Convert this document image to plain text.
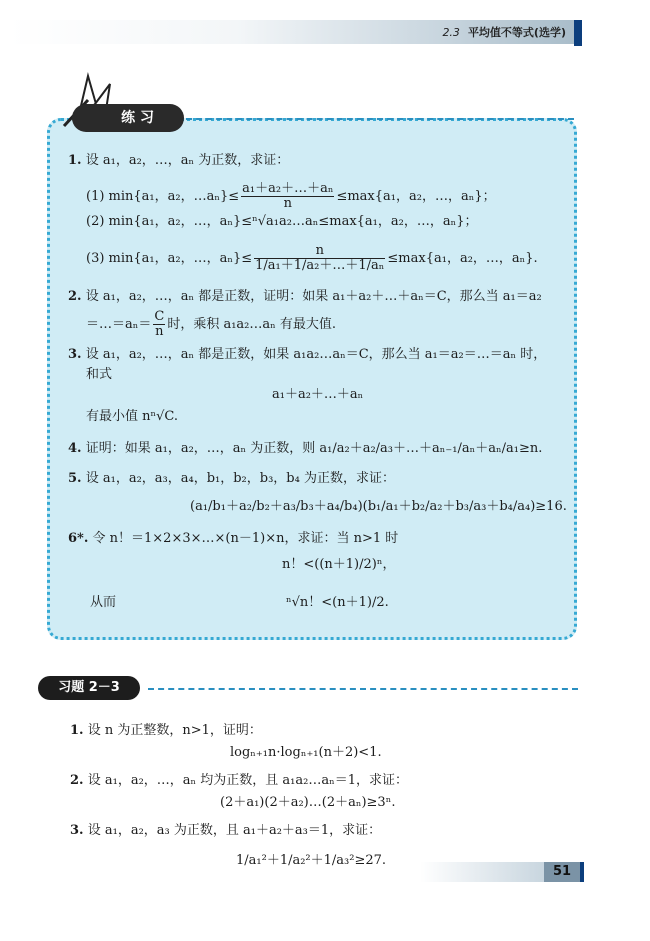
2.3 平均值不等式(选学)
练 习
1. 设 a₁，a₂，…，aₙ 为正数，求证：
(1) min{a₁，a₂，…aₙ}≤ $\frac{\text{a₁＋a₂＋…＋aₙ}}{n} \le\max\{a_1$，a₂，…，aₙ}；
(2) min{a₁，a₂，…，aₙ}≤ⁿ√a₁a₂…aₙ≤max{a₁，a₂，…，aₙ}；
(3) min{a₁，a₂，…，$a_n\}\le \frac{n}{\text{1/a₁＋1/a₂＋…＋1/aₙ}} \le\max\{a_1$，a₂，…，aₙ}.
2. 设 a₁，a₂，…，aₙ 都是正数，证明：如果 a₁＋a₂＋…＋aₙ＝C，那么当 a₁＝a₂
＝…＝aₙ＝ $\frac{C}{n}$ 时，乘积 a₁a₂…aₙ 有最大值.
3. 设 a₁，a₂，…，aₙ 都是正数，如果 a₁a₂…aₙ＝C，那么当 a₁＝a₂＝…＝aₙ 时，
和式
a₁＋a₂＋…＋aₙ
有最小值 nⁿ√C.
4. 证明：如果 a₁，a₂，…，aₙ 为正数，则 a₁/a₂＋a₂/a₃＋…＋aₙ₋₁/aₙ＋aₙ/a₁≥n.
5. 设 a₁，a₂，a₃，a₄，b₁，b₂，b₃，b₄ 为正数，求证：
(a₁/b₁＋a₂/b₂＋a₃/b₃＋a₄/b₄)(b₁/a₁＋b₂/a₂＋b₃/a₃＋b₄/a₄)≥16.
6*. 令 n！＝1×2×3×…×(n－1)×n，求证：当 n>1 时
n！<((n＋1)/2)ⁿ，
从而	ⁿ√n！<(n＋1)/2.
习题 2－3
1. 设 n 为正整数，n>1，证明：
logₙ₊₁n·logₙ₊₁(n＋2)<1.
2. 设 a₁，a₂，…，aₙ 均为正数，且 a₁a₂…aₙ＝1，求证：
(2＋a₁)(2＋a₂)…(2＋aₙ)≥3ⁿ.
3. 设 a₁，a₂，a₃ 为正数，且 a₁＋a₂＋a₃＝1，求证：
1/a₁²＋1/a₂²＋1/a₃²≥27.
51
